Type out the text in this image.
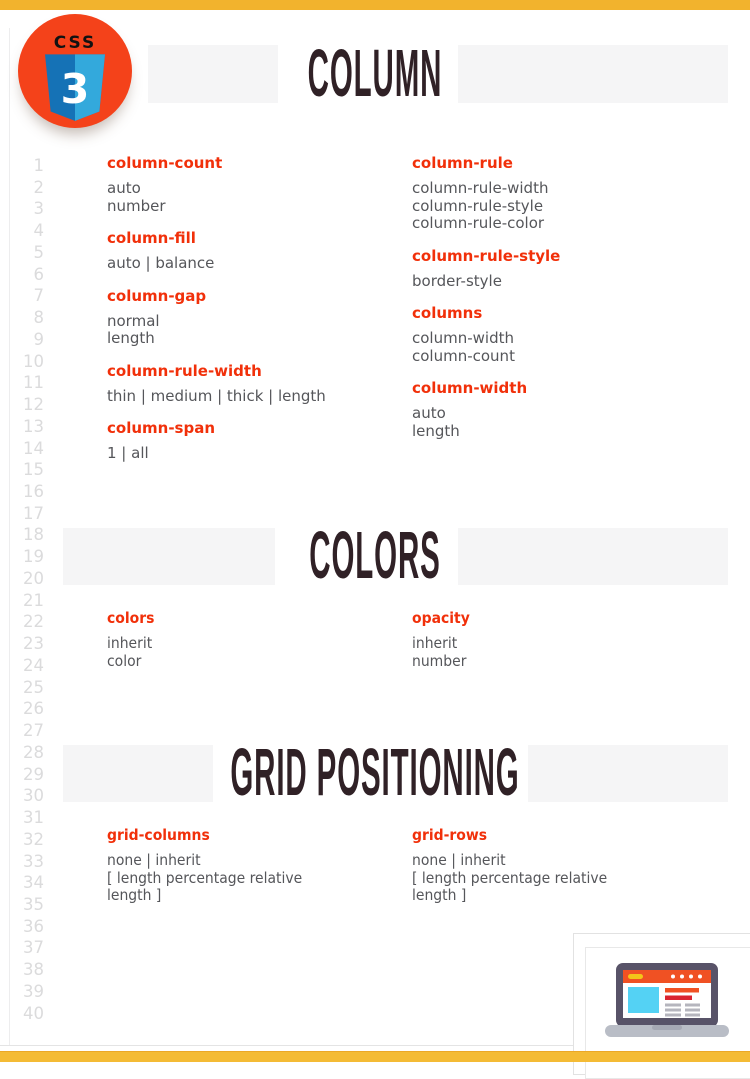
CSS
3
1
2
3
4
5
6
7
8
9
10
11
12
13
14
15
16
17
18
19
20
21
22
23
24
25
26
27
28
29
30
31
32
33
34
35
36
37
38
39
40
COLUMN
column-count
auto
number
column-fill
auto | balance
column-gap
normal
length
column-rule-width
thin | medium | thick | length
column-span
1 | all
column-rule
column-rule-width
column-rule-style
column-rule-color
column-rule-style
border-style
columns
column-width
column-count
column-width
auto
length
COLORS
colors
inherit
color
opacity
inherit
number
GRID POSITIONING
grid-columns
none | inherit
[ length percentage relative
length ]
grid-rows
none | inherit
[ length percentage relative
length ]
